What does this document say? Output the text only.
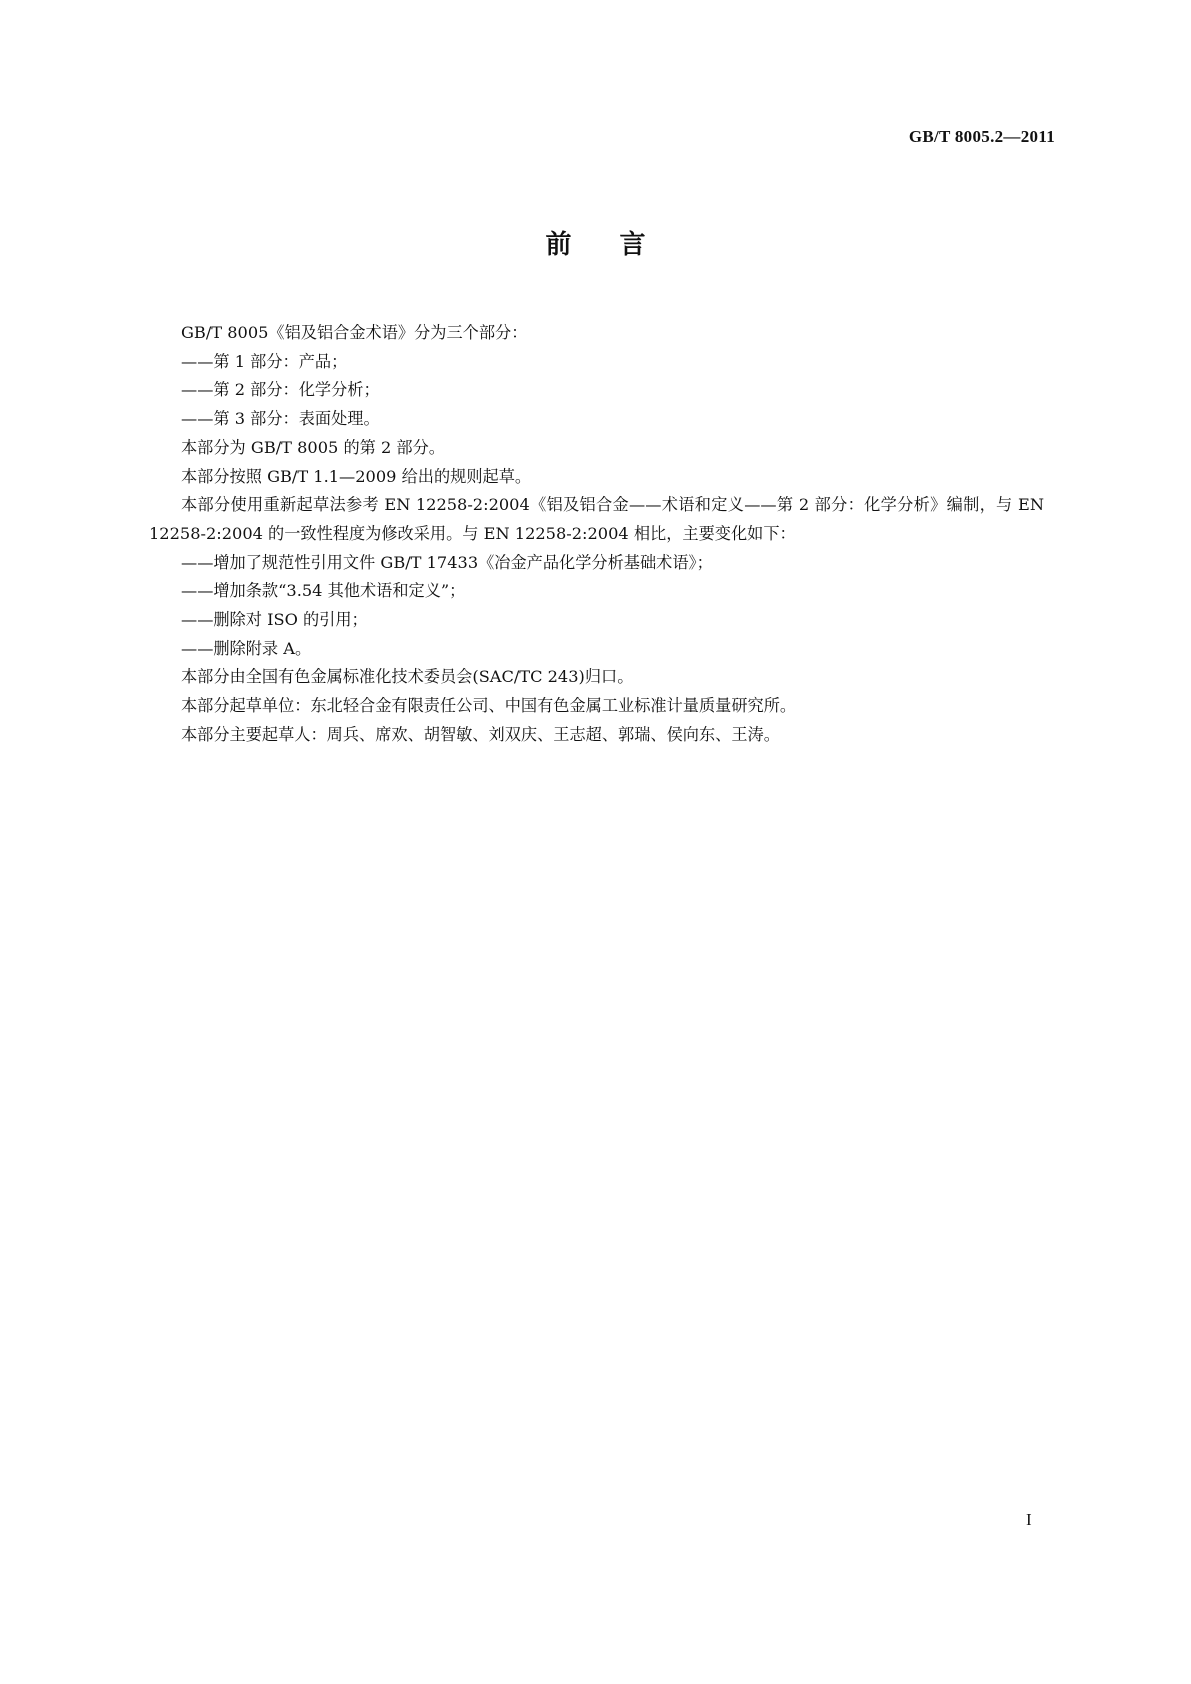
GB/T 8005.2—2011
前言

GB/T 8005《铝及铝合金术语》分为三个部分：

——第 1 部分：产品；

——第 2 部分：化学分析；

——第 3 部分：表面处理。

本部分为 GB/T 8005 的第 2 部分。

本部分按照 GB/T 1.1—2009 给出的规则起草。

本部分使用重新起草法参考 EN 12258-2:2004《铝及铝合金——术语和定义——第 2 部分：化学分析》编制，与 EN 12258-2:2004 的一致性程度为修改采用。与 EN 12258-2:2004 相比，主要变化如下：

——增加了规范性引用文件 GB/T 17433《冶金产品化学分析基础术语》；

——增加条款“3.54 其他术语和定义”；

——删除对 ISO 的引用；

——删除附录 A。

本部分由全国有色金属标准化技术委员会(SAC/TC 243)归口。

本部分起草单位：东北轻合金有限责任公司、中国有色金属工业标准计量质量研究所。

本部分主要起草人：周兵、席欢、胡智敏、刘双庆、王志超、郭瑞、侯向东、王涛。

I
